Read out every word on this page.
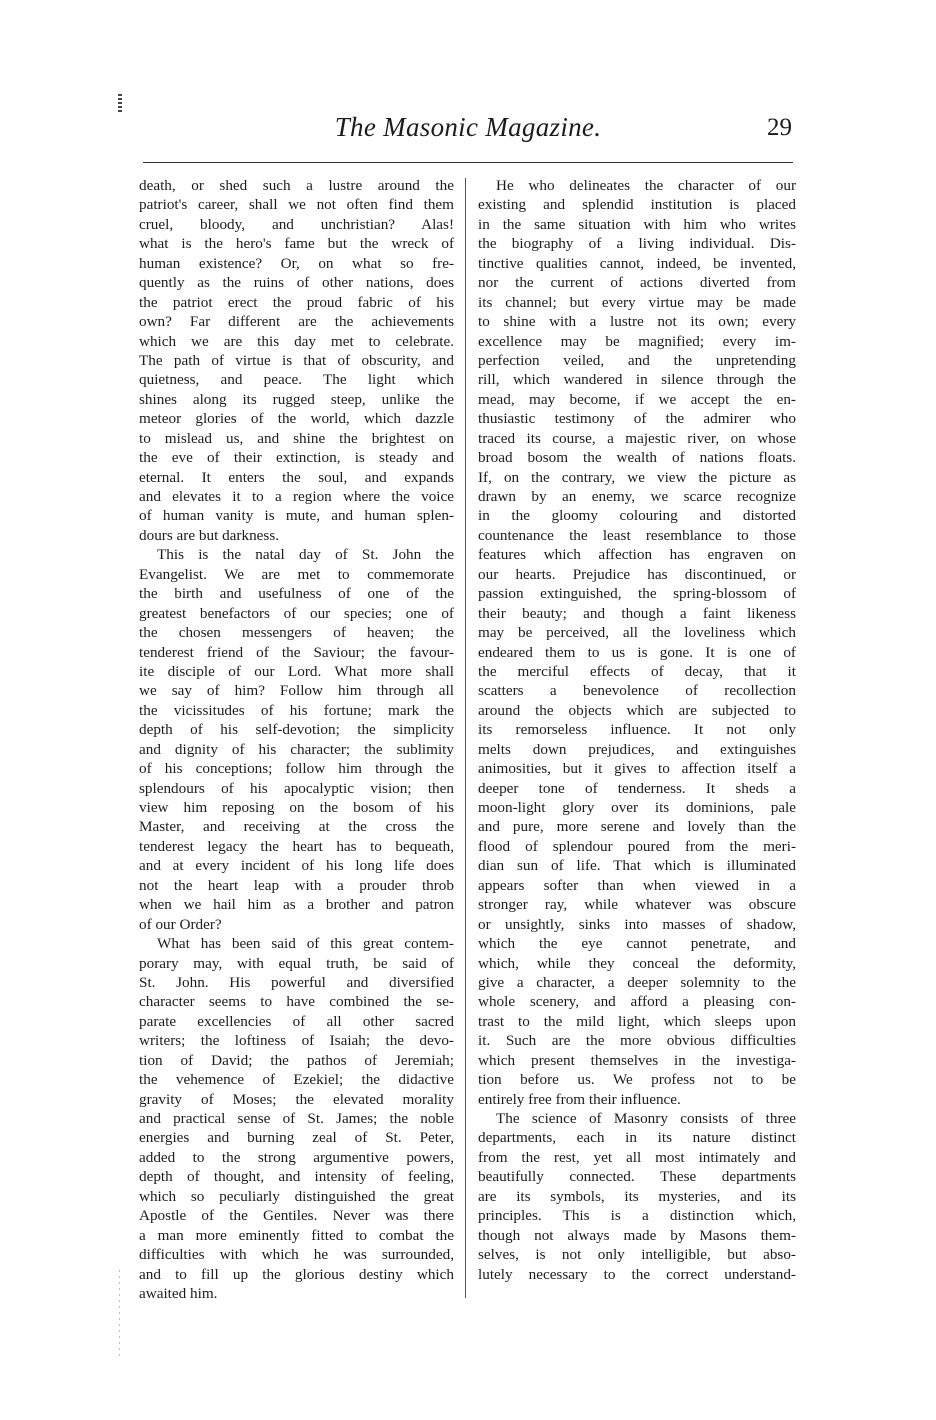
The Masonic Magazine.	29
death, or shed such a lustre around the
patriot's career, shall we not often find them
cruel, bloody, and unchristian? Alas!
what is the hero's fame but the wreck of
human existence? Or, on what so fre-
quently as the ruins of other nations, does
the patriot erect the proud fabric of his
own? Far different are the achievements
which we are this day met to celebrate.
The path of virtue is that of obscurity, and
quietness, and peace. The light which
shines along its rugged steep, unlike the
meteor glories of the world, which dazzle
to mislead us, and shine the brightest on
the eve of their extinction, is steady and
eternal. It enters the soul, and expands
and elevates it to a region where the voice
of human vanity is mute, and human splen-
dours are but darkness.
This is the natal day of St. John the
Evangelist. We are met to commemorate
the birth and usefulness of one of the
greatest benefactors of our species; one of
the chosen messengers of heaven; the
tenderest friend of the Saviour; the favour-
ite disciple of our Lord. What more shall
we say of him? Follow him through all
the vicissitudes of his fortune; mark the
depth of his self-devotion; the simplicity
and dignity of his character; the sublimity
of his conceptions; follow him through the
splendours of his apocalyptic vision; then
view him reposing on the bosom of his
Master, and receiving at the cross the
tenderest legacy the heart has to bequeath,
and at every incident of his long life does
not the heart leap with a prouder throb
when we hail him as a brother and patron
of our Order?
What has been said of this great contem-
porary may, with equal truth, be said of
St. John. His powerful and diversified
character seems to have combined the se-
parate excellencies of all other sacred
writers; the loftiness of Isaiah; the devo-
tion of David; the pathos of Jeremiah;
the vehemence of Ezekiel; the didactive
gravity of Moses; the elevated morality
and practical sense of St. James; the noble
energies and burning zeal of St. Peter,
added to the strong argumentive powers,
depth of thought, and intensity of feeling,
which so peculiarly distinguished the great
Apostle of the Gentiles. Never was there
a man more eminently fitted to combat the
difficulties with which he was surrounded,
and to fill up the glorious destiny which
awaited him.
He who delineates the character of our
existing and splendid institution is placed
in the same situation with him who writes
the biography of a living individual. Dis-
tinctive qualities cannot, indeed, be invented,
nor the current of actions diverted from
its channel; but every virtue may be made
to shine with a lustre not its own; every
excellence may be magnified; every im-
perfection veiled, and the unpretending
rill, which wandered in silence through the
mead, may become, if we accept the en-
thusiastic testimony of the admirer who
traced its course, a majestic river, on whose
broad bosom the wealth of nations floats.
If, on the contrary, we view the picture as
drawn by an enemy, we scarce recognize
in the gloomy colouring and distorted
countenance the least resemblance to those
features which affection has engraven on
our hearts. Prejudice has discontinued, or
passion extinguished, the spring-blossom of
their beauty; and though a faint likeness
may be perceived, all the loveliness which
endeared them to us is gone. It is one of
the merciful effects of decay, that it
scatters a benevolence of recollection
around the objects which are subjected to
its remorseless influence. It not only
melts down prejudices, and extinguishes
animosities, but it gives to affection itself a
deeper tone of tenderness. It sheds a
moon-light glory over its dominions, pale
and pure, more serene and lovely than the
flood of splendour poured from the meri-
dian sun of life. That which is illuminated
appears softer than when viewed in a
stronger ray, while whatever was obscure
or unsightly, sinks into masses of shadow,
which the eye cannot penetrate, and
which, while they conceal the deformity,
give a character, a deeper solemnity to the
whole scenery, and afford a pleasing con-
trast to the mild light, which sleeps upon
it. Such are the more obvious difficulties
which present themselves in the investiga-
tion before us. We profess not to be
entirely free from their influence.
The science of Masonry consists of three
departments, each in its nature distinct
from the rest, yet all most intimately and
beautifully connected. These departments
are its symbols, its mysteries, and its
principles. This is a distinction which,
though not always made by Masons them-
selves, is not only intelligible, but abso-
lutely necessary to the correct understand-
